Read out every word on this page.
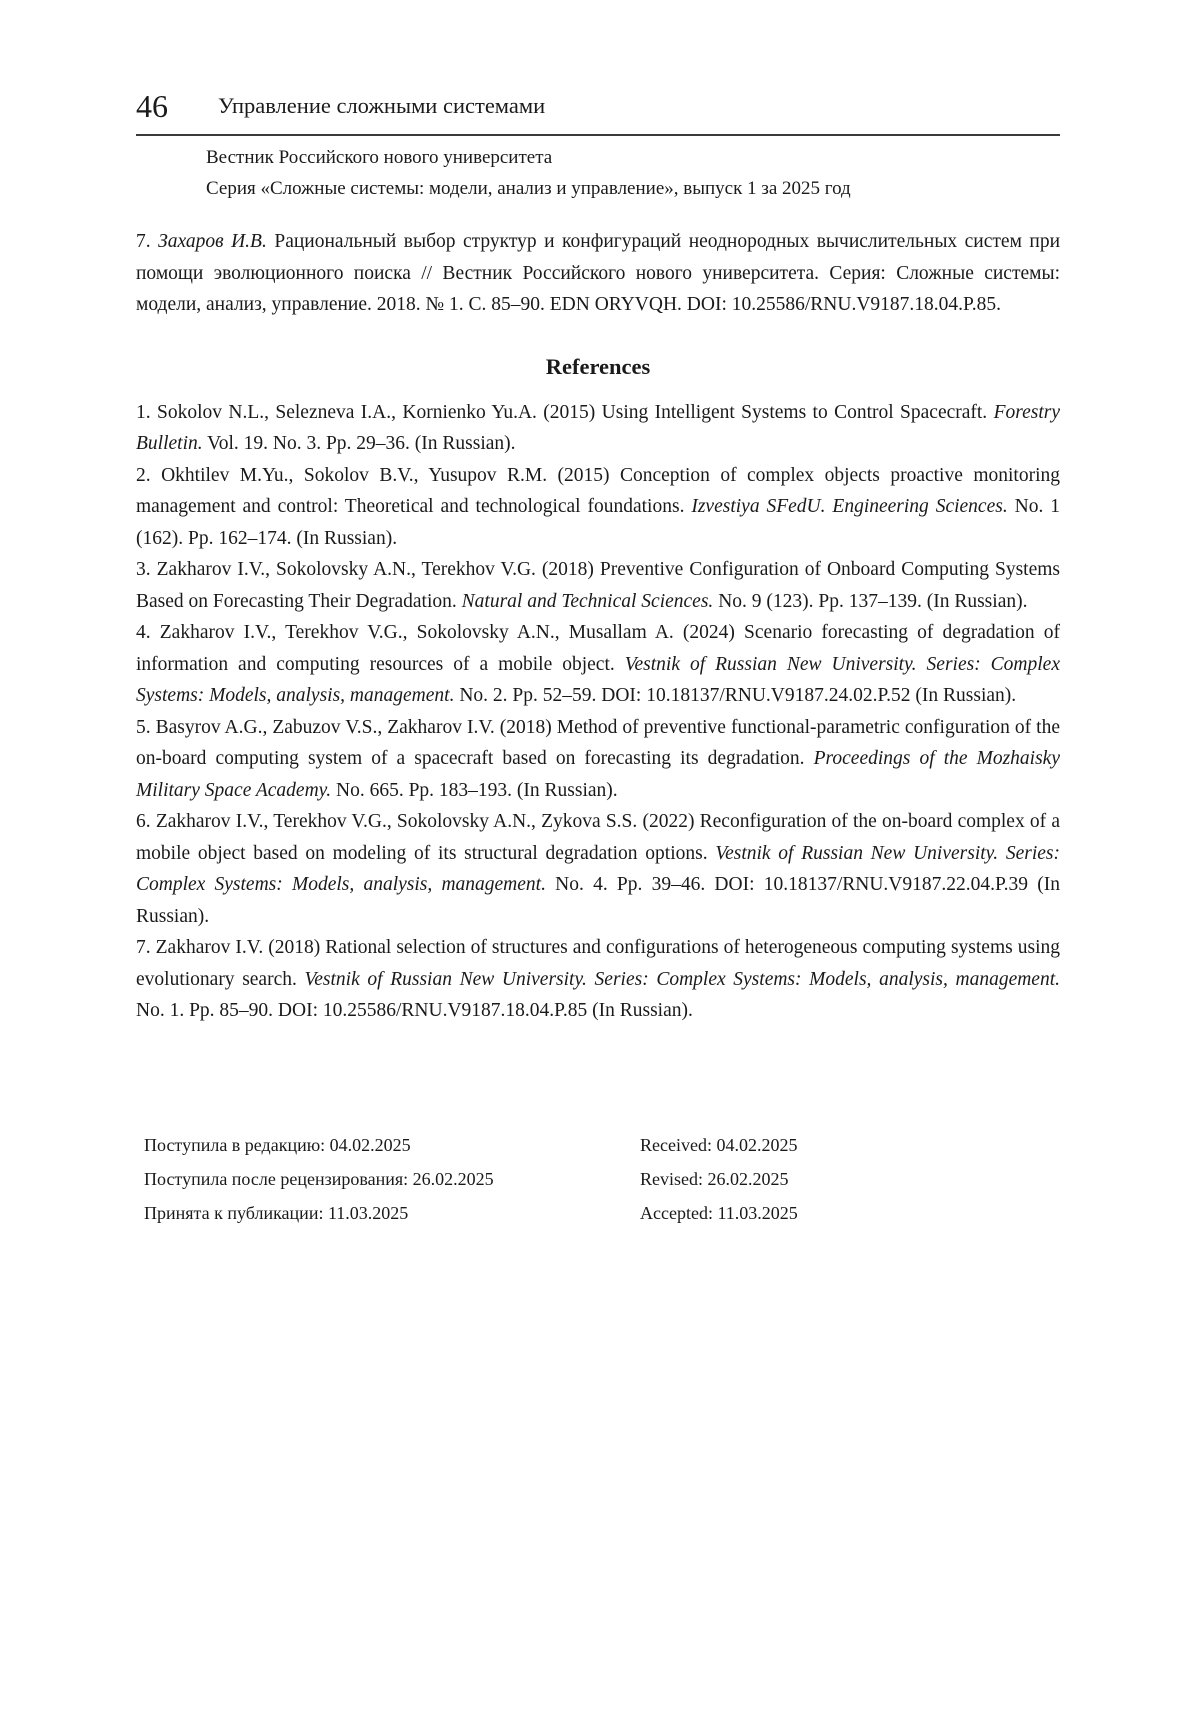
46 Управление сложными системами
Вестник Российского нового университета
Серия «Сложные системы: модели, анализ и управление», выпуск 1 за 2025 год

7. Захаров И.В. Рациональный выбор структур и конфигураций неоднородных вычислительных систем при помощи эволюционного поиска // Вестник Российского нового университета. Серия: Сложные системы: модели, анализ, управление. 2018. № 1. С. 85–90. EDN ORYVQH. DOI: 10.25586/RNU.V9187.18.04.P.85.

References

1. Sokolov N.L., Selezneva I.A., Kornienko Yu.A. (2015) Using Intelligent Systems to Control Spacecraft. Forestry Bulletin. Vol. 19. No. 3. Pp. 29–36. (In Russian).

2. Okhtilev M.Yu., Sokolov B.V., Yusupov R.M. (2015) Conception of complex objects proactive monitoring management and control: Theoretical and technological foundations. Izvestiya SFedU. Engineering Sciences. No. 1 (162). Pp. 162–174. (In Russian).

3. Zakharov I.V., Sokolovsky A.N., Terekhov V.G. (2018) Preventive Configuration of Onboard Computing Systems Based on Forecasting Their Degradation. Natural and Technical Sciences. No. 9 (123). Pp. 137–139. (In Russian).

4. Zakharov I.V., Terekhov V.G., Sokolovsky A.N., Musallam A. (2024) Scenario forecasting of degradation of information and computing resources of a mobile object. Vestnik of Russian New University. Series: Complex Systems: Models, analysis, management. No. 2. Pp. 52–59. DOI: 10.18137/RNU.V9187.24.02.P.52 (In Russian).

5. Basyrov A.G., Zabuzov V.S., Zakharov I.V. (2018) Method of preventive functional-parametric configuration of the on-board computing system of a spacecraft based on forecasting its degradation. Proceedings of the Mozhaisky Military Space Academy. No. 665. Pp. 183–193. (In Russian).

6. Zakharov I.V., Terekhov V.G., Sokolovsky A.N., Zykova S.S. (2022) Reconfiguration of the on-board complex of a mobile object based on modeling of its structural degradation options. Vestnik of Russian New University. Series: Complex Systems: Models, analysis, management. No. 4. Pp. 39–46. DOI: 10.18137/RNU.V9187.22.04.P.39 (In Russian).

7. Zakharov I.V. (2018) Rational selection of structures and configurations of heterogeneous computing systems using evolutionary search. Vestnik of Russian New University. Series: Complex Systems: Models, analysis, management. No. 1. Pp. 85–90. DOI: 10.25586/RNU.V9187.18.04.P.85 (In Russian).

Поступила в редакцию: 04.02.2025
Поступила после рецензирования: 26.02.2025
Принята к публикации: 11.03.2025
Received: 04.02.2025
Revised: 26.02.2025
Accepted: 11.03.2025
